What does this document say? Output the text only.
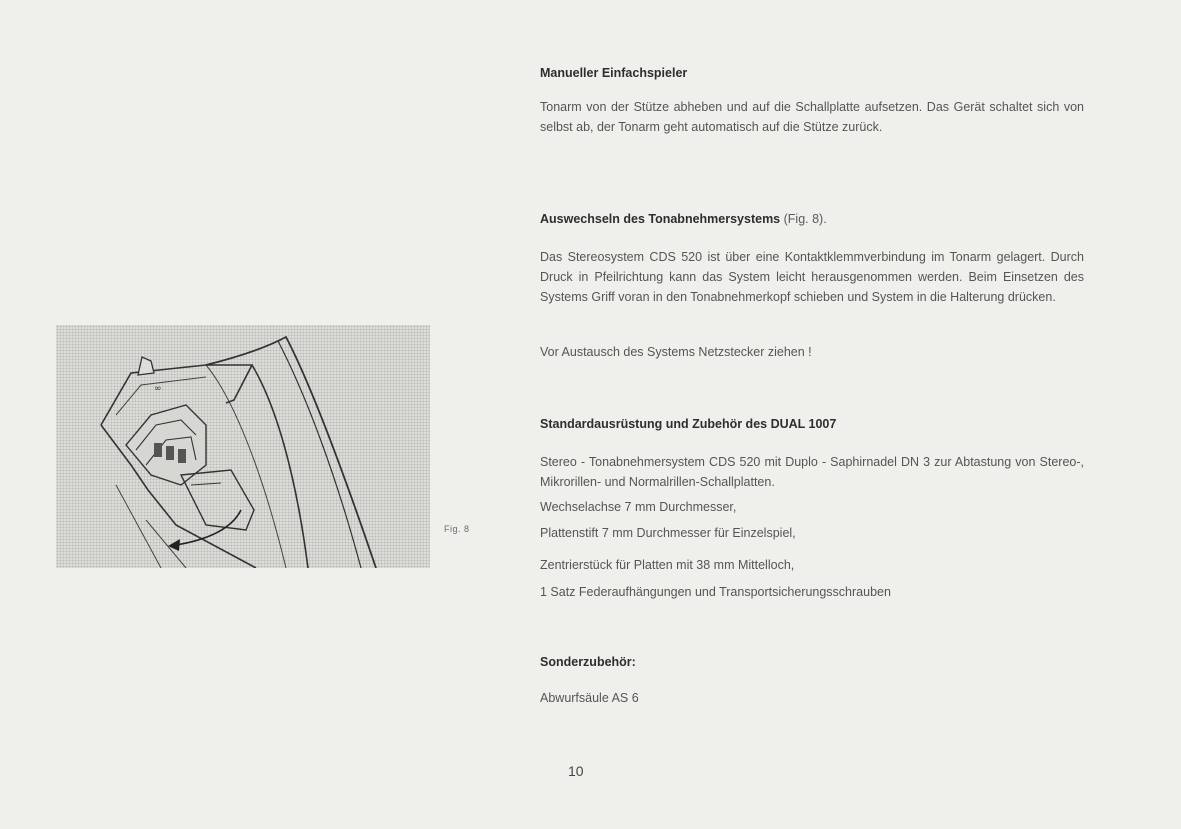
∞
Fig. 8
Manueller Einfachspieler
Tonarm von der Stütze abheben und auf die Schallplatte aufsetzen. Das Gerät schaltet sich von selbst ab, der Tonarm geht automatisch auf die Stütze zurück.
Auswechseln des Tonabnehmersystems (Fig. 8).
Das Stereosystem CDS 520 ist über eine Kontaktklemmverbindung im Tonarm gelagert. Durch Druck in Pfeilrichtung kann das System leicht herausgenommen werden. Beim Einsetzen des Systems Griff voran in den Tonabnehmerkopf schieben und System in die Halterung drücken.
Vor Austausch des Systems Netzstecker ziehen !
Standardausrüstung und Zubehör des DUAL 1007
Stereo - Tonabnehmersystem CDS 520 mit Duplo - Saphirnadel DN 3 zur Abtastung von Stereo-, Mikrorillen- und Normalrillen-Schallplatten.
Wechselachse 7 mm Durchmesser,
Plattenstift 7 mm Durchmesser für Einzelspiel,
Zentrierstück für Platten mit 38 mm Mittelloch,
1 Satz Federaufhängungen und Transportsicherungsschrauben
Sonderzubehör:
Abwurfsäule AS 6
10
